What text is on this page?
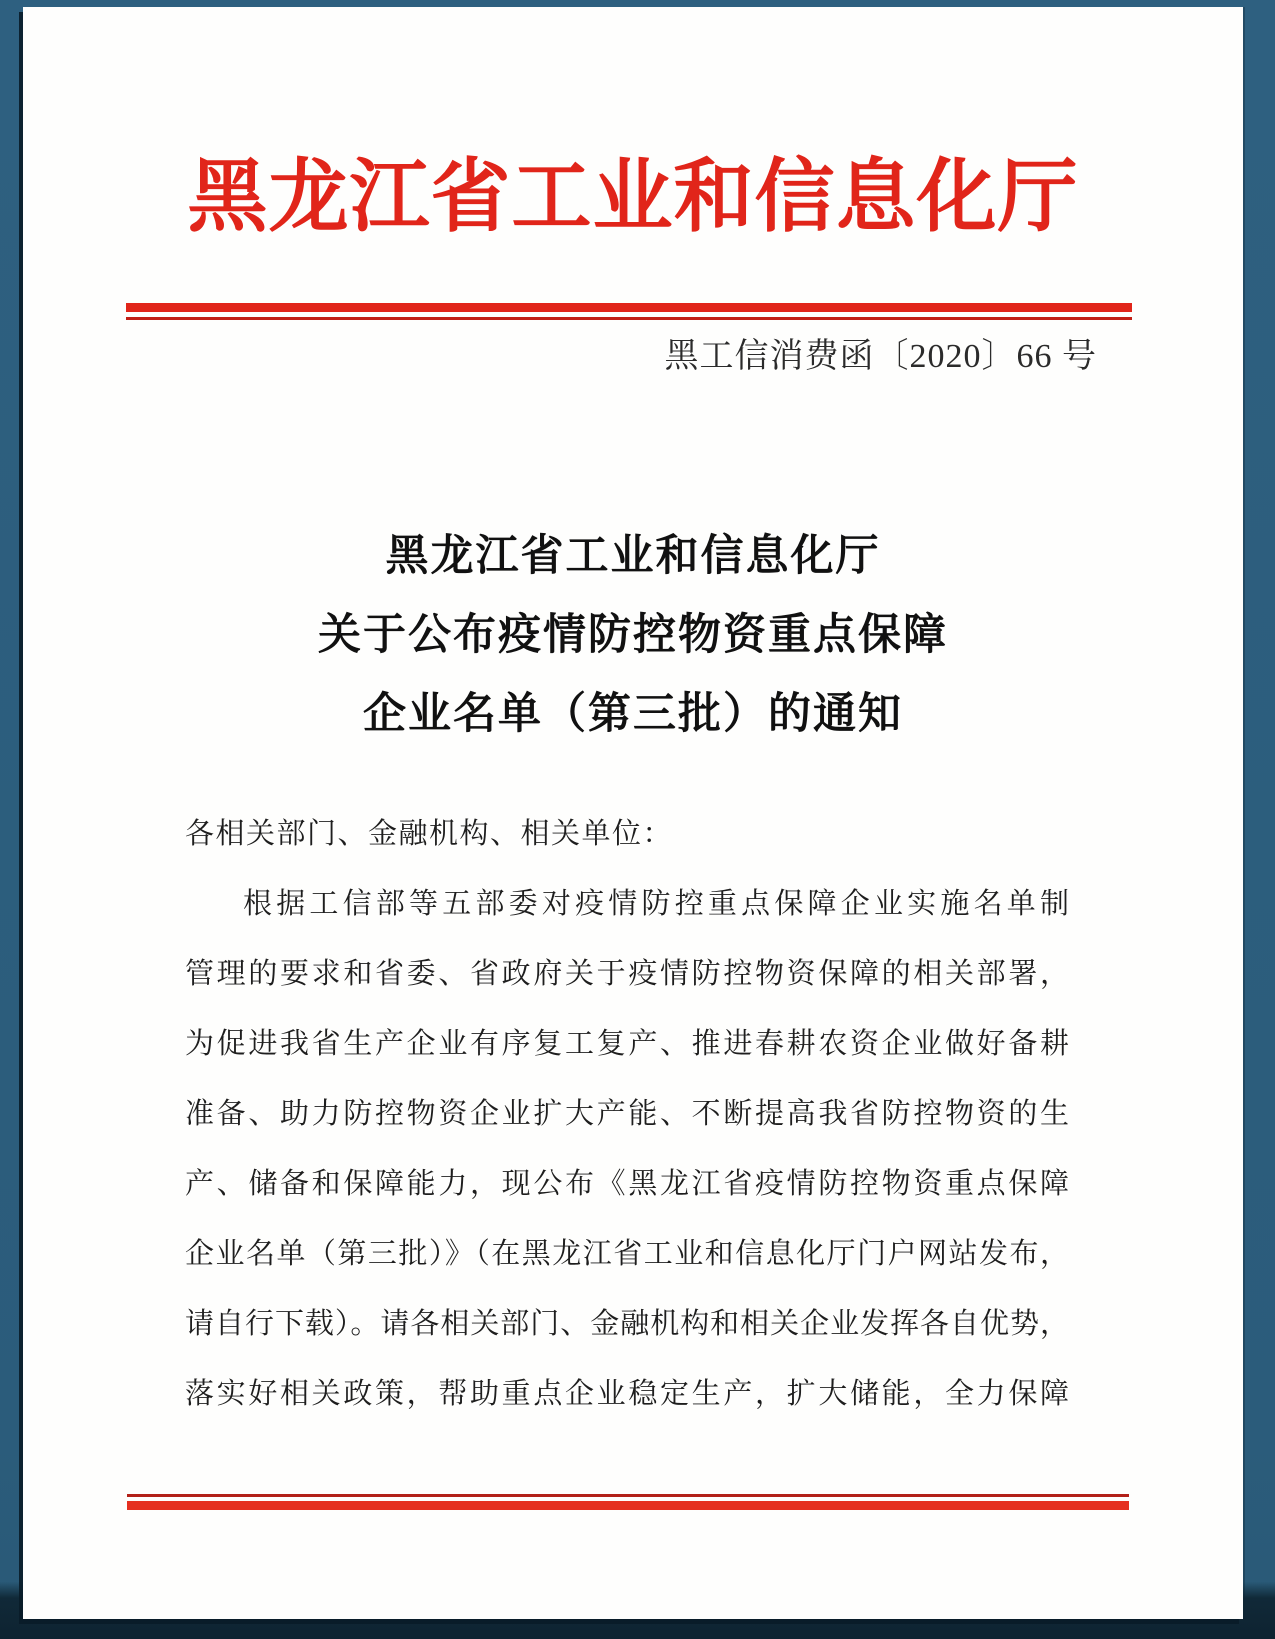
黑龙江省工业和信息化厅
黑工信消费函〔2020〕66 号
黑龙江省工业和信息化厅
关于公布疫情防控物资重点保障
企业名单（第三批）的通知
各相关部门、金融机构、相关单位：
根据工信部等五部委对疫情防控重点保障企业实施名单制
管理的要求和省委、省政府关于疫情防控物资保障的相关部署，
为促进我省生产企业有序复工复产、推进春耕农资企业做好备耕
准备、助力防控物资企业扩大产能、不断提高我省防控物资的生
产、储备和保障能力，现公布《黑龙江省疫情防控物资重点保障
企业名单（第三批）》（在黑龙江省工业和信息化厅门户网站发布，
请自行下载）。请各相关部门、金融机构和相关企业发挥各自优势，
落实好相关政策，帮助重点企业稳定生产，扩大储能，全力保障
